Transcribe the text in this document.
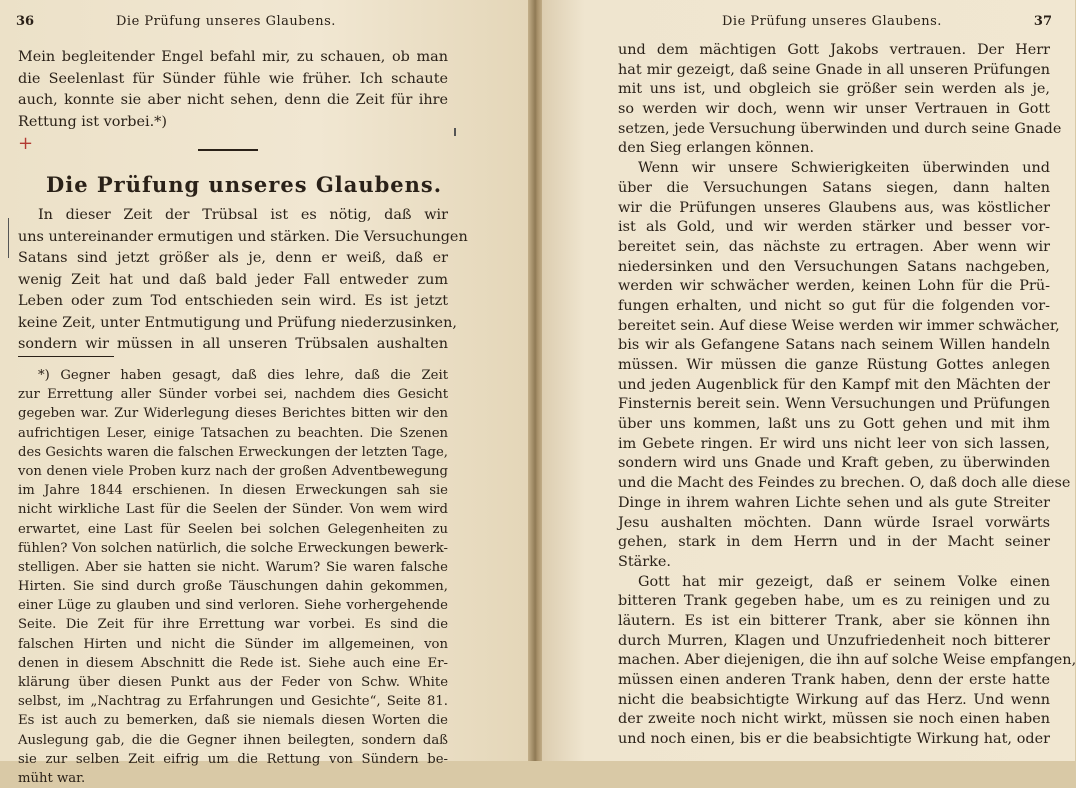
36	Die Prüfung unseres Glaubens.
Mein begleitender Engel befahl mir, zu schauen, ob man
die Seelenlast für Sünder fühle wie früher. Ich schaute
auch, konnte sie aber nicht sehen, denn die Zeit für ihre
Rettung ist vorbei.*)
+
Die Prüfung unseres Glaubens.
In dieser Zeit der Trübsal ist es nötig, daß wir
uns untereinander ermutigen und stärken. Die Versuchungen
Satans sind jetzt größer als je, denn er weiß, daß er
wenig Zeit hat und daß bald jeder Fall entweder zum
Leben oder zum Tod entschieden sein wird. Es ist jetzt
keine Zeit, unter Entmutigung und Prüfung niederzusinken,
sondern wir müssen in all unseren Trübsalen aushalten
*) Gegner haben gesagt, daß dies lehre, daß die Zeit
zur Errettung aller Sünder vorbei sei, nachdem dies Gesicht
gegeben war. Zur Widerlegung dieses Berichtes bitten wir den
aufrichtigen Leser, einige Tatsachen zu beachten. Die Szenen
des Gesichts waren die falschen Erweckungen der letzten Tage,
von denen viele Proben kurz nach der großen Adventbewegung
im Jahre 1844 erschienen. In diesen Erweckungen sah sie
nicht wirkliche Last für die Seelen der Sünder. Von wem wird
erwartet, eine Last für Seelen bei solchen Gelegenheiten zu
fühlen? Von solchen natürlich, die solche Erweckungen bewerk-
stelligen. Aber sie hatten sie nicht. Warum? Sie waren falsche
Hirten. Sie sind durch große Täuschungen dahin gekommen,
einer Lüge zu glauben und sind verloren. Siehe vorhergehende
Seite. Die Zeit für ihre Errettung war vorbei. Es sind die
falschen Hirten und nicht die Sünder im allgemeinen, von
denen in diesem Abschnitt die Rede ist. Siehe auch eine Er-
klärung über diesen Punkt aus der Feder von Schw. White
selbst, im „Nachtrag zu Erfahrungen und Gesichte“, Seite 81.
Es ist auch zu bemerken, daß sie niemals diesen Worten die
Auslegung gab, die die Gegner ihnen beilegten, sondern daß
sie zur selben Zeit eifrig um die Rettung von Sündern be-
müht war.
Die Prüfung unseres Glaubens.	37
und dem mächtigen Gott Jakobs vertrauen. Der Herr
hat mir gezeigt, daß seine Gnade in all unseren Prüfungen
mit uns ist, und obgleich sie größer sein werden als je,
so werden wir doch, wenn wir unser Vertrauen in Gott
setzen, jede Versuchung überwinden und durch seine Gnade
den Sieg erlangen können.
Wenn wir unsere Schwierigkeiten überwinden und
über die Versuchungen Satans siegen, dann halten
wir die Prüfungen unseres Glaubens aus, was köstlicher
ist als Gold, und wir werden stärker und besser vor-
bereitet sein, das nächste zu ertragen. Aber wenn wir
niedersinken und den Versuchungen Satans nachgeben,
werden wir schwächer werden, keinen Lohn für die Prü-
fungen erhalten, und nicht so gut für die folgenden vor-
bereitet sein. Auf diese Weise werden wir immer schwächer,
bis wir als Gefangene Satans nach seinem Willen handeln
müssen. Wir müssen die ganze Rüstung Gottes anlegen
und jeden Augenblick für den Kampf mit den Mächten der
Finsternis bereit sein. Wenn Versuchungen und Prüfungen
über uns kommen, laßt uns zu Gott gehen und mit ihm
im Gebete ringen. Er wird uns nicht leer von sich lassen,
sondern wird uns Gnade und Kraft geben, zu überwinden
und die Macht des Feindes zu brechen. O, daß doch alle diese
Dinge in ihrem wahren Lichte sehen und als gute Streiter
Jesu aushalten möchten. Dann würde Israel vorwärts
gehen, stark in dem Herrn und in der Macht seiner
Stärke.
Gott hat mir gezeigt, daß er seinem Volke einen
bitteren Trank gegeben habe, um es zu reinigen und zu
läutern. Es ist ein bitterer Trank, aber sie können ihn
durch Murren, Klagen und Unzufriedenheit noch bitterer
machen. Aber diejenigen, die ihn auf solche Weise empfangen,
müssen einen anderen Trank haben, denn der erste hatte
nicht die beabsichtigte Wirkung auf das Herz. Und wenn
der zweite noch nicht wirkt, müssen sie noch einen haben
und noch einen, bis er die beabsichtigte Wirkung hat, oder
